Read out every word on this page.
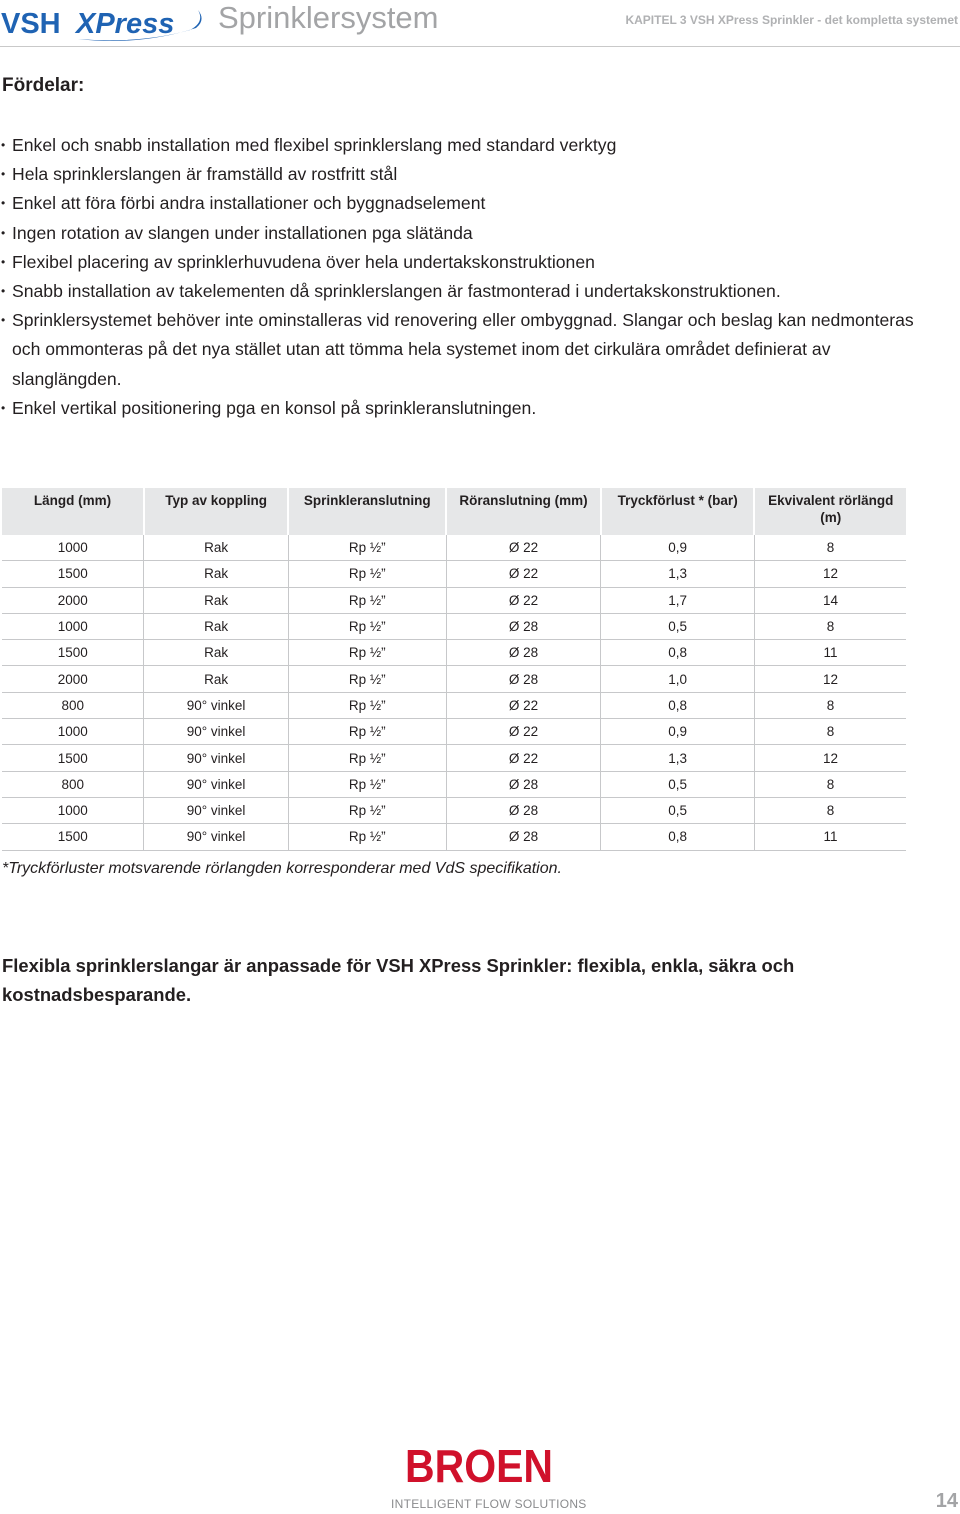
VSH XPress Sprinklersystem	KAPITEL 3 VSH XPress Sprinkler - det kompletta systemet
Fördelar:
• Enkel och snabb installation med flexibel sprinklerslang med standard verktyg
• Hela sprinklerslangen är framställd av rostfritt stål
• Enkel att föra förbi andra installationer och byggnadselement
• Ingen rotation av slangen under installationen pga slätända
• Flexibel placering av sprinklerhuvudena över hela undertakskonstruktionen
• Snabb installation av takelementen då sprinklerslangen är fastmonterad i undertakskonstruktionen.
• Sprinklersystemet behöver inte ominstalleras vid renovering eller ombyggnad. Slangar och beslag kan nedmonteras och ommonteras på det nya stället utan att tömma hela systemet inom det cirkulära området definierat av slanglängden.
• Enkel vertikal positionering pga en konsol på sprinkleranslutningen.
Längd (mm)	Typ av koppling	Sprinkleranslutning	Röranslutning (mm)	Tryckförlust * (bar)	Ekvivalent rörlängd (m)
1000	Rak	Rp ½”	Ø 22	0,9	8
1500	Rak	Rp ½”	Ø 22	1,3	12
2000	Rak	Rp ½”	Ø 22	1,7	14
1000	Rak	Rp ½”	Ø 28	0,5	8
1500	Rak	Rp ½”	Ø 28	0,8	11
2000	Rak	Rp ½”	Ø 28	1,0	12
800	90° vinkel	Rp ½”	Ø 22	0,8	8
1000	90° vinkel	Rp ½”	Ø 22	0,9	8
1500	90° vinkel	Rp ½”	Ø 22	1,3	12
800	90° vinkel	Rp ½”	Ø 28	0,5	8
1000	90° vinkel	Rp ½”	Ø 28	0,5	8
1500	90° vinkel	Rp ½”	Ø 28	0,8	11
*Tryckförluster motsvarende rörlangden korresponderar med VdS specifikation.

Flexibla sprinklerslangar är anpassade för VSH XPress Sprinkler: flexibla, enkla, säkra och kostnadsbesparande.

BROEN
INTELLIGENT FLOW SOLUTIONS	14
